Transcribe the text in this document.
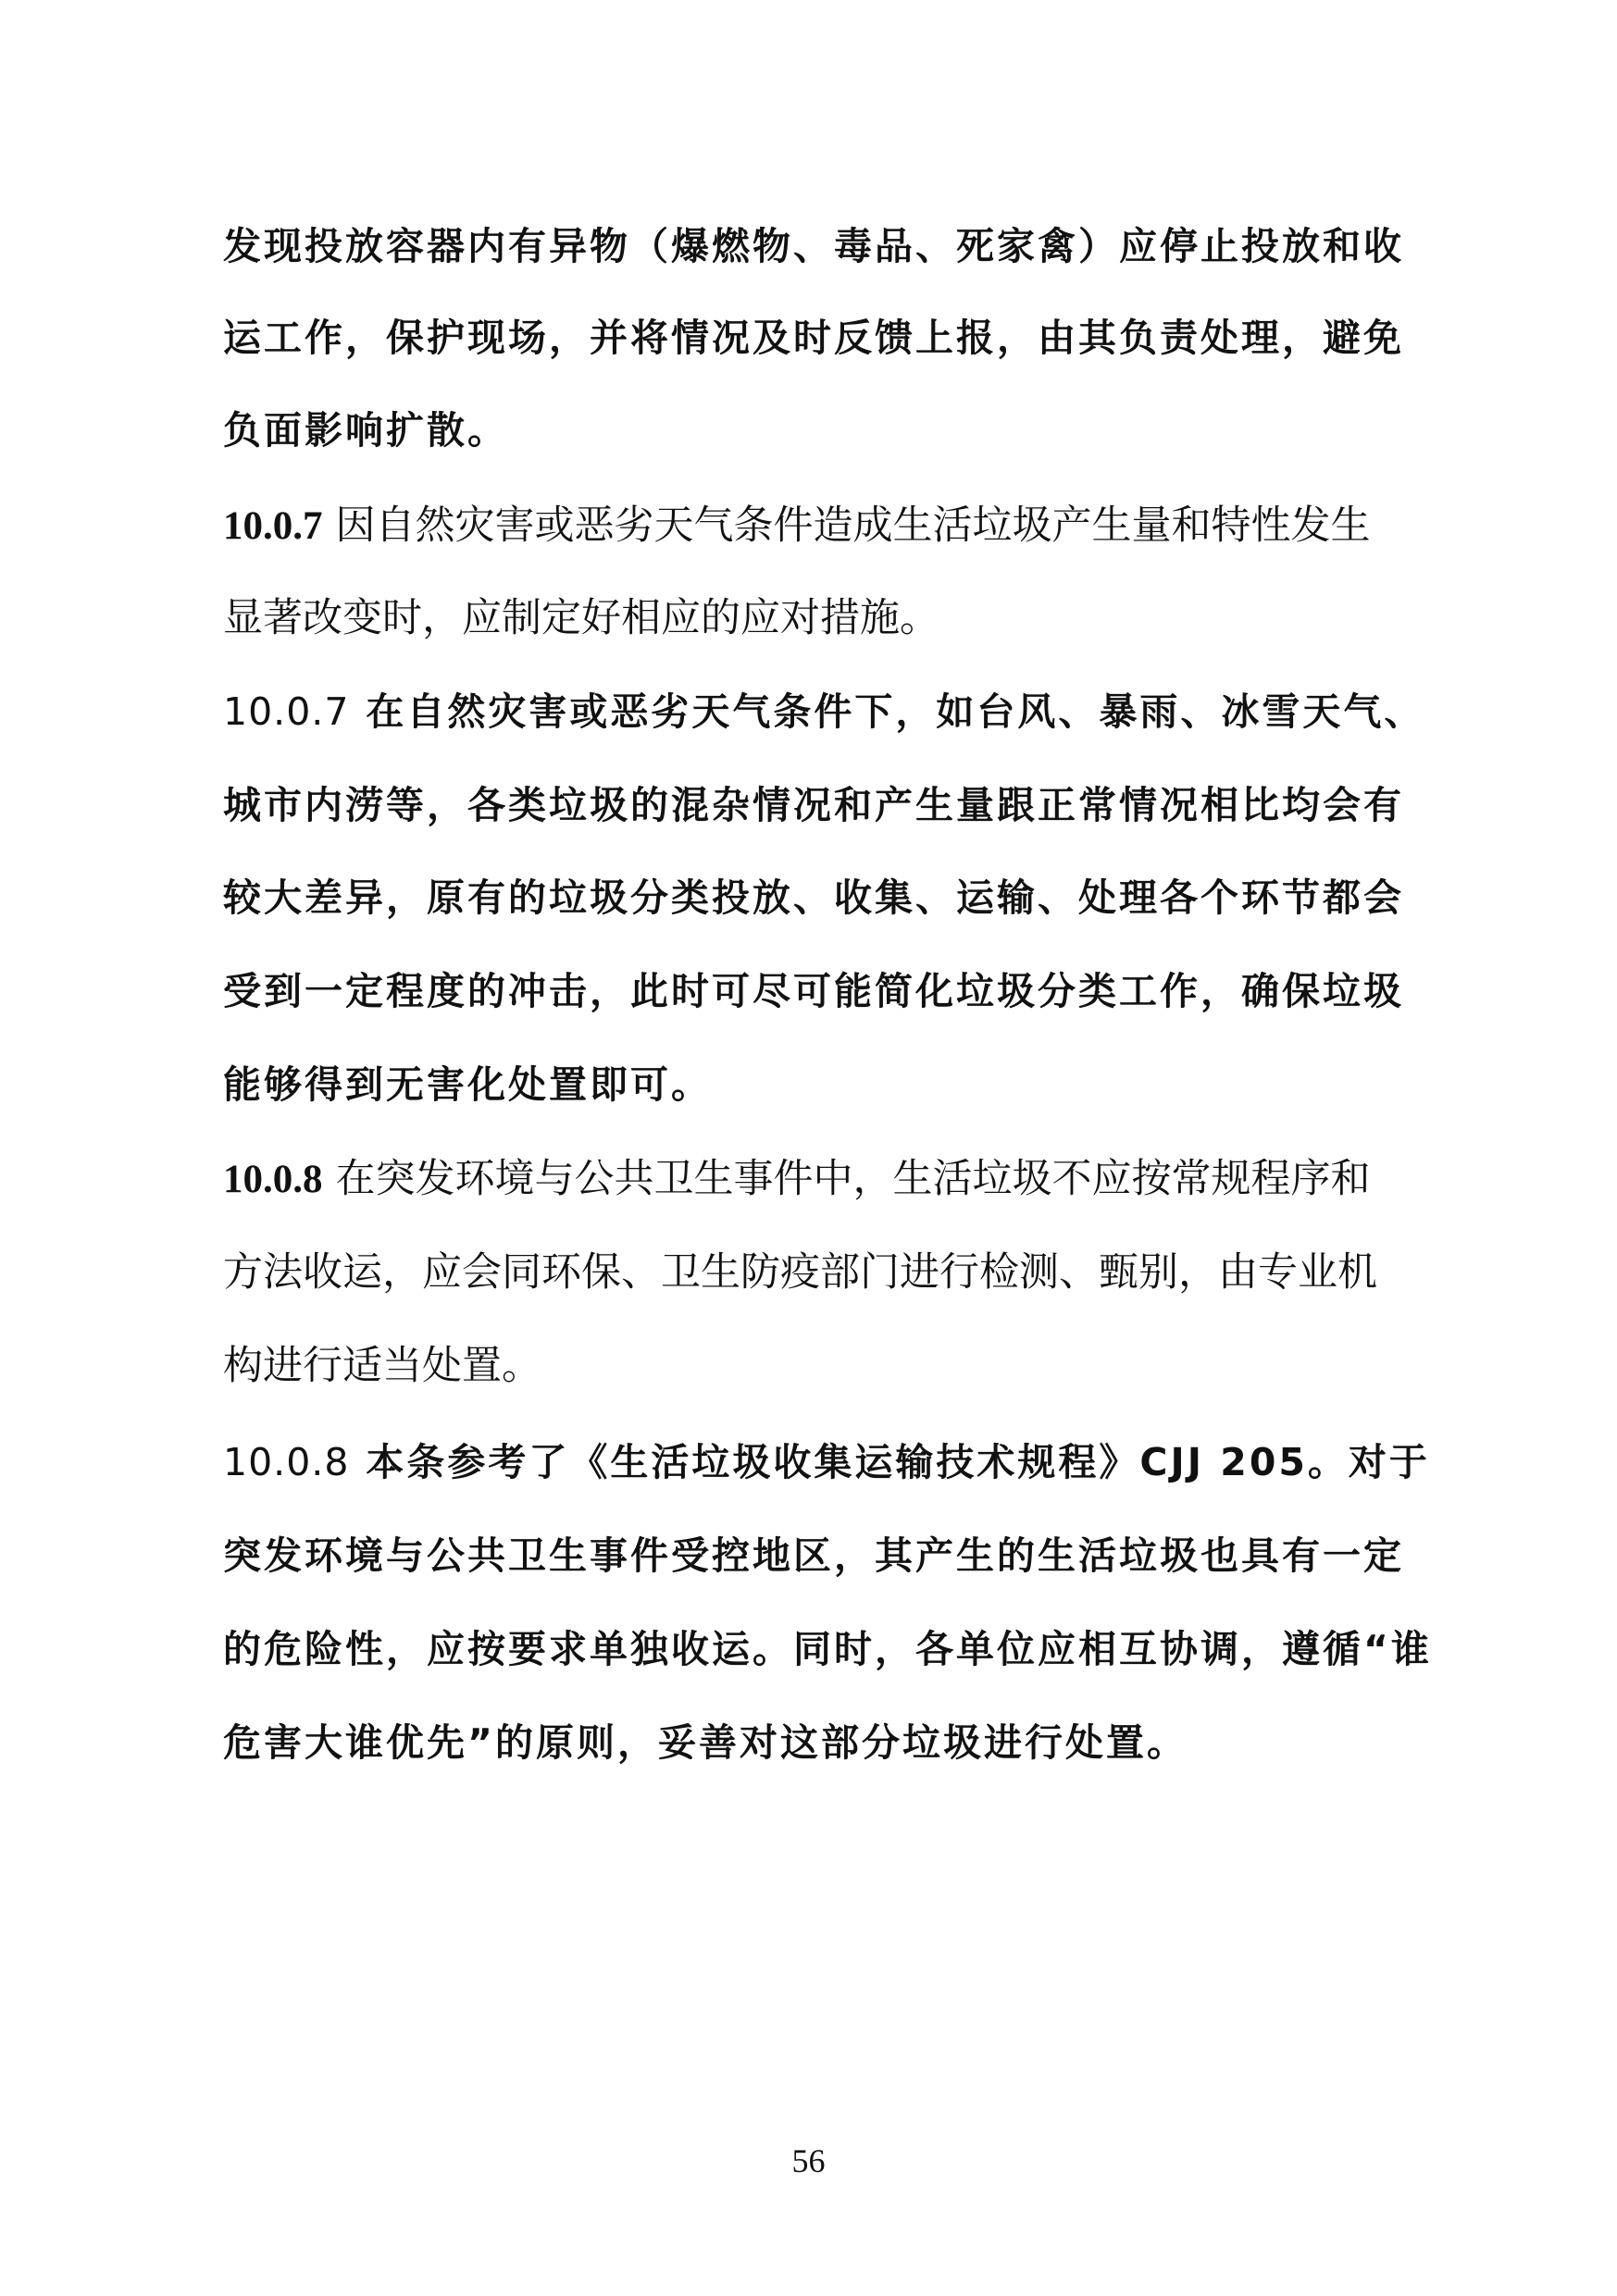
发现投放容器内有异物（爆燃物、毒品、死家禽）应停止投放和收
运工作，保护现场，并将情况及时反馈上报，由其负责处理，避免
负面影响扩散。
10.0.7 因自然灾害或恶劣天气条件造成生活垃圾产生量和特性发生
显著改变时，应制定好相应的应对措施。
10.0.7 在自然灾害或恶劣天气条件下，如台风、暴雨、冰雪天气、
城市内涝等，各类垃圾的混杂情况和产生量跟正常情况相比均会有
较大差异，原有的垃圾分类投放、收集、运输、处理各个环节都会
受到一定程度的冲击，此时可尽可能简化垃圾分类工作，确保垃圾
能够得到无害化处置即可。
10.0.8 在突发环境与公共卫生事件中，生活垃圾不应按常规程序和
方法收运，应会同环保、卫生防疫部门进行检测、甄别，由专业机
构进行适当处置。
10.0.8 本条参考了《生活垃圾收集运输技术规程》CJJ 205。对于
突发环境与公共卫生事件受控地区，其产生的生活垃圾也具有一定
的危险性，应按要求单独收运。同时，各单位应相互协调，遵循“谁
危害大谁优先”的原则，妥善对这部分垃圾进行处置。
56
